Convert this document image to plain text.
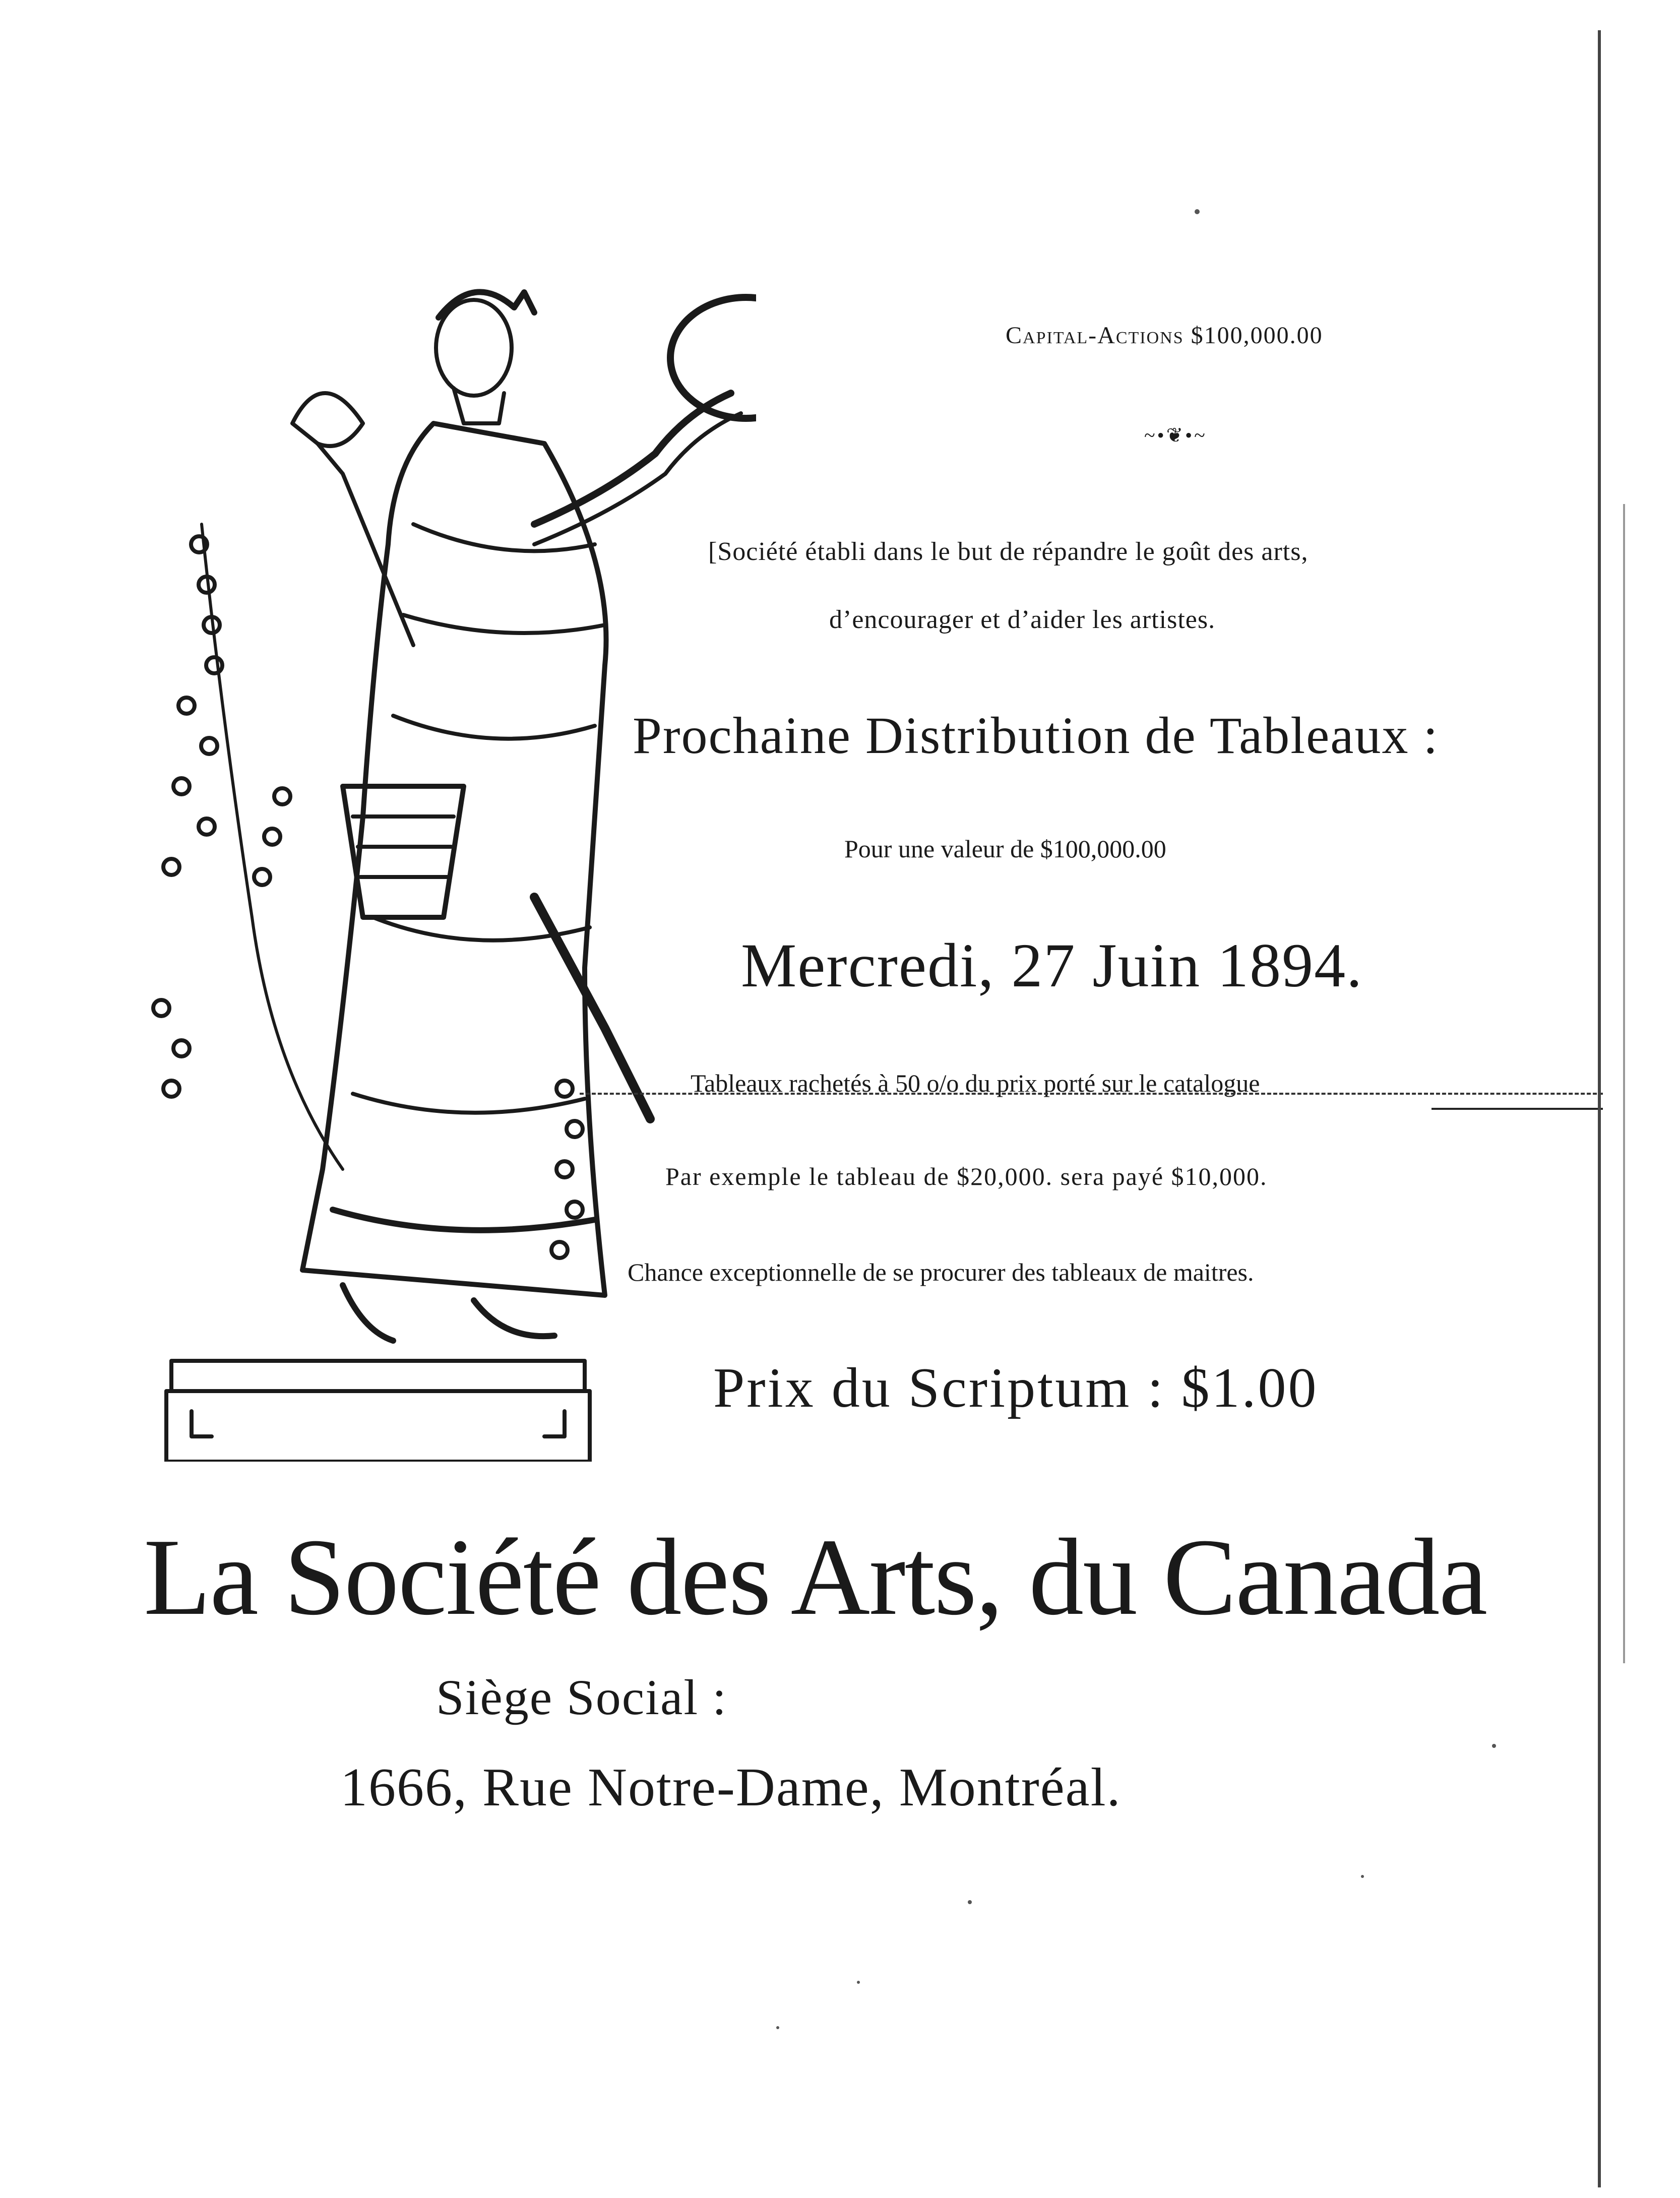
Capital-Actions $100,000.00
~•❦•~
[Société établi dans le but de répandre le goût des arts,
d’encourager et d’aider les artistes.
Prochaine Distribution de Tableaux :
Pour une valeur de $100,000.00
Mercredi, 27 Juin 1894.
Tableaux rachetés à 50 o/o du prix porté sur le catalogue
Par exemple le tableau de $20,000. sera payé $10,000.
Chance exceptionnelle de se procurer des tableaux de maitres.
Prix du Scriptum : $1.00
La Société des Arts, du Canada
Siège Social :
1666, Rue Notre-Dame, Montréal.
